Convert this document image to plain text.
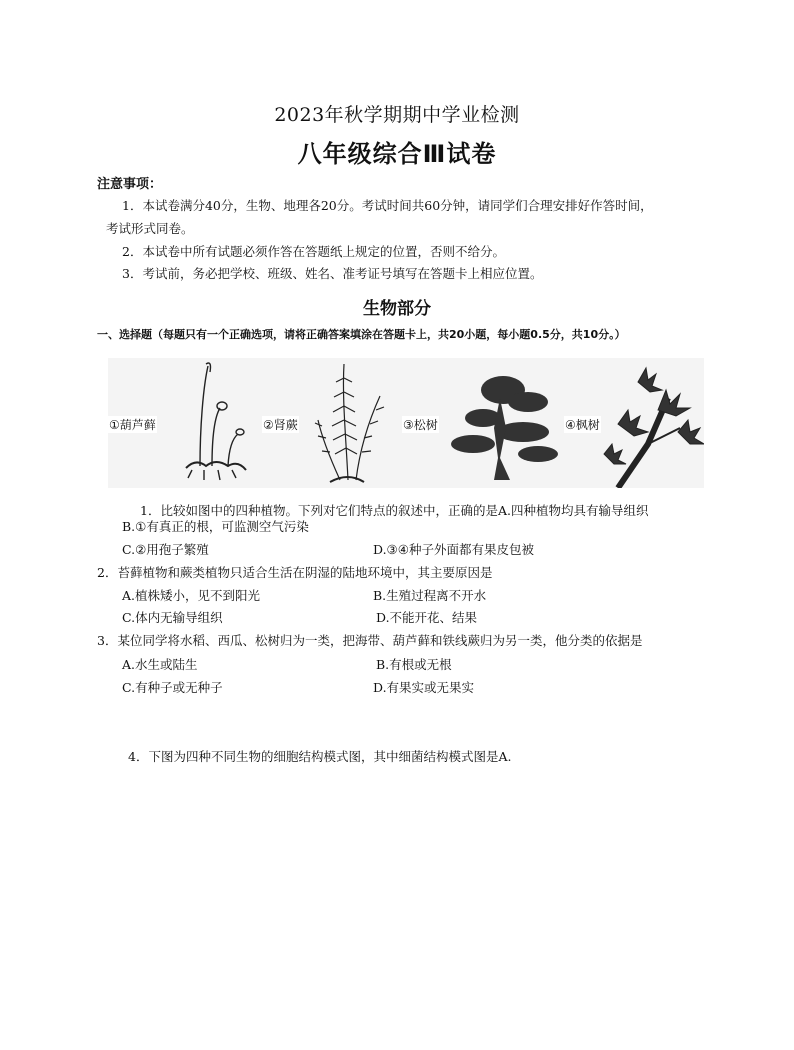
2023年秋学期期中学业检测
八年级综合Ⅲ试卷
注意事项：
1．本试卷满分40分，生物、地理各20分。考试时间共60分钟，请同学们合理安排好作答时间，
考试形式同卷。
2．本试卷中所有试题必须作答在答题纸上规定的位置，否则不给分。
3．考试前，务必把学校、班级、姓名、准考证号填写在答题卡上相应位置。
生物部分
一、选择题（每题只有一个正确选项，请将正确答案填涂在答题卡上，共20小题，每小题0.5分，共10分。）
①葫芦藓	②肾蕨	③松树	④枫树
1．比较如图中的四种植物。下列对它们特点的叙述中，正确的是A.四种植物均具有输导组织
B.①有真正的根，可监测空气污染
C.②用孢子繁殖	D.③④种子外面都有果皮包被
2．苔藓植物和蕨类植物只适合生活在阴湿的陆地环境中，其主要原因是
A.植株矮小，见不到阳光	B.生殖过程离不开水
C.体内无输导组织	D.不能开花、结果
3．某位同学将水稻、西瓜、松树归为一类，把海带、葫芦藓和铁线蕨归为另一类，他分类的依据是
A.水生或陆生	B.有根或无根
C.有种子或无种子	D.有果实或无果实
4．下图为四种不同生物的细胞结构模式图，其中细菌结构模式图是A.
